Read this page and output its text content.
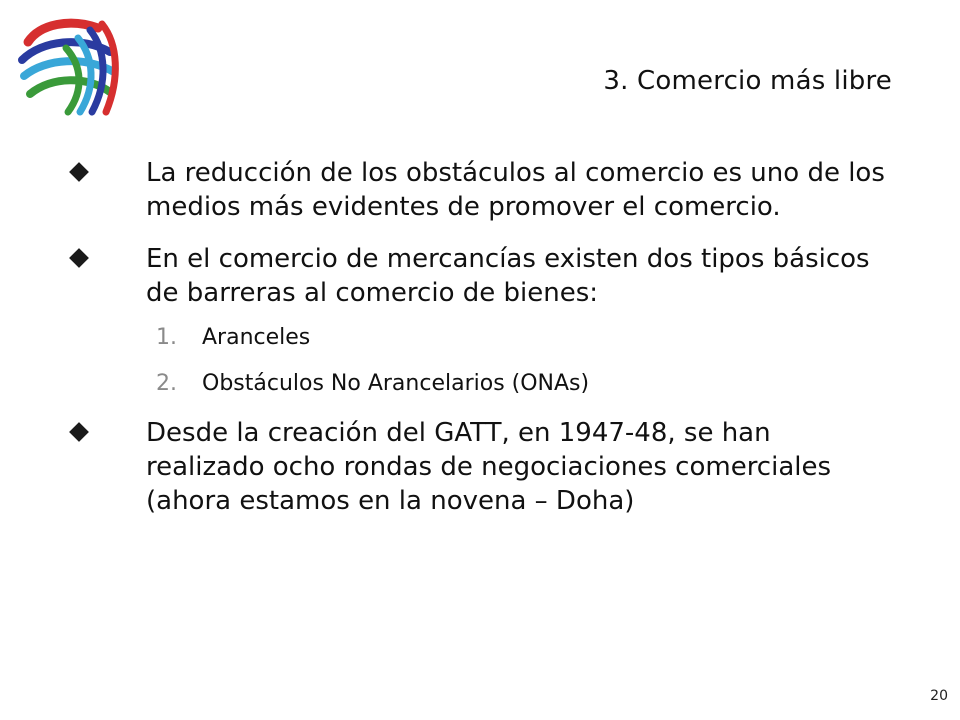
3. Comercio más libre
La reducción de los obstáculos al comercio es uno de los medios más evidentes de promover el comercio.
En el comercio de mercancías existen dos tipos básicos de barreras al comercio de bienes:
1. Aranceles
2. Obstáculos No Arancelarios (ONAs)
Desde la creación del GATT, en 1947-48, se han realizado ocho rondas de negociaciones comerciales (ahora estamos en la novena – Doha)
20
